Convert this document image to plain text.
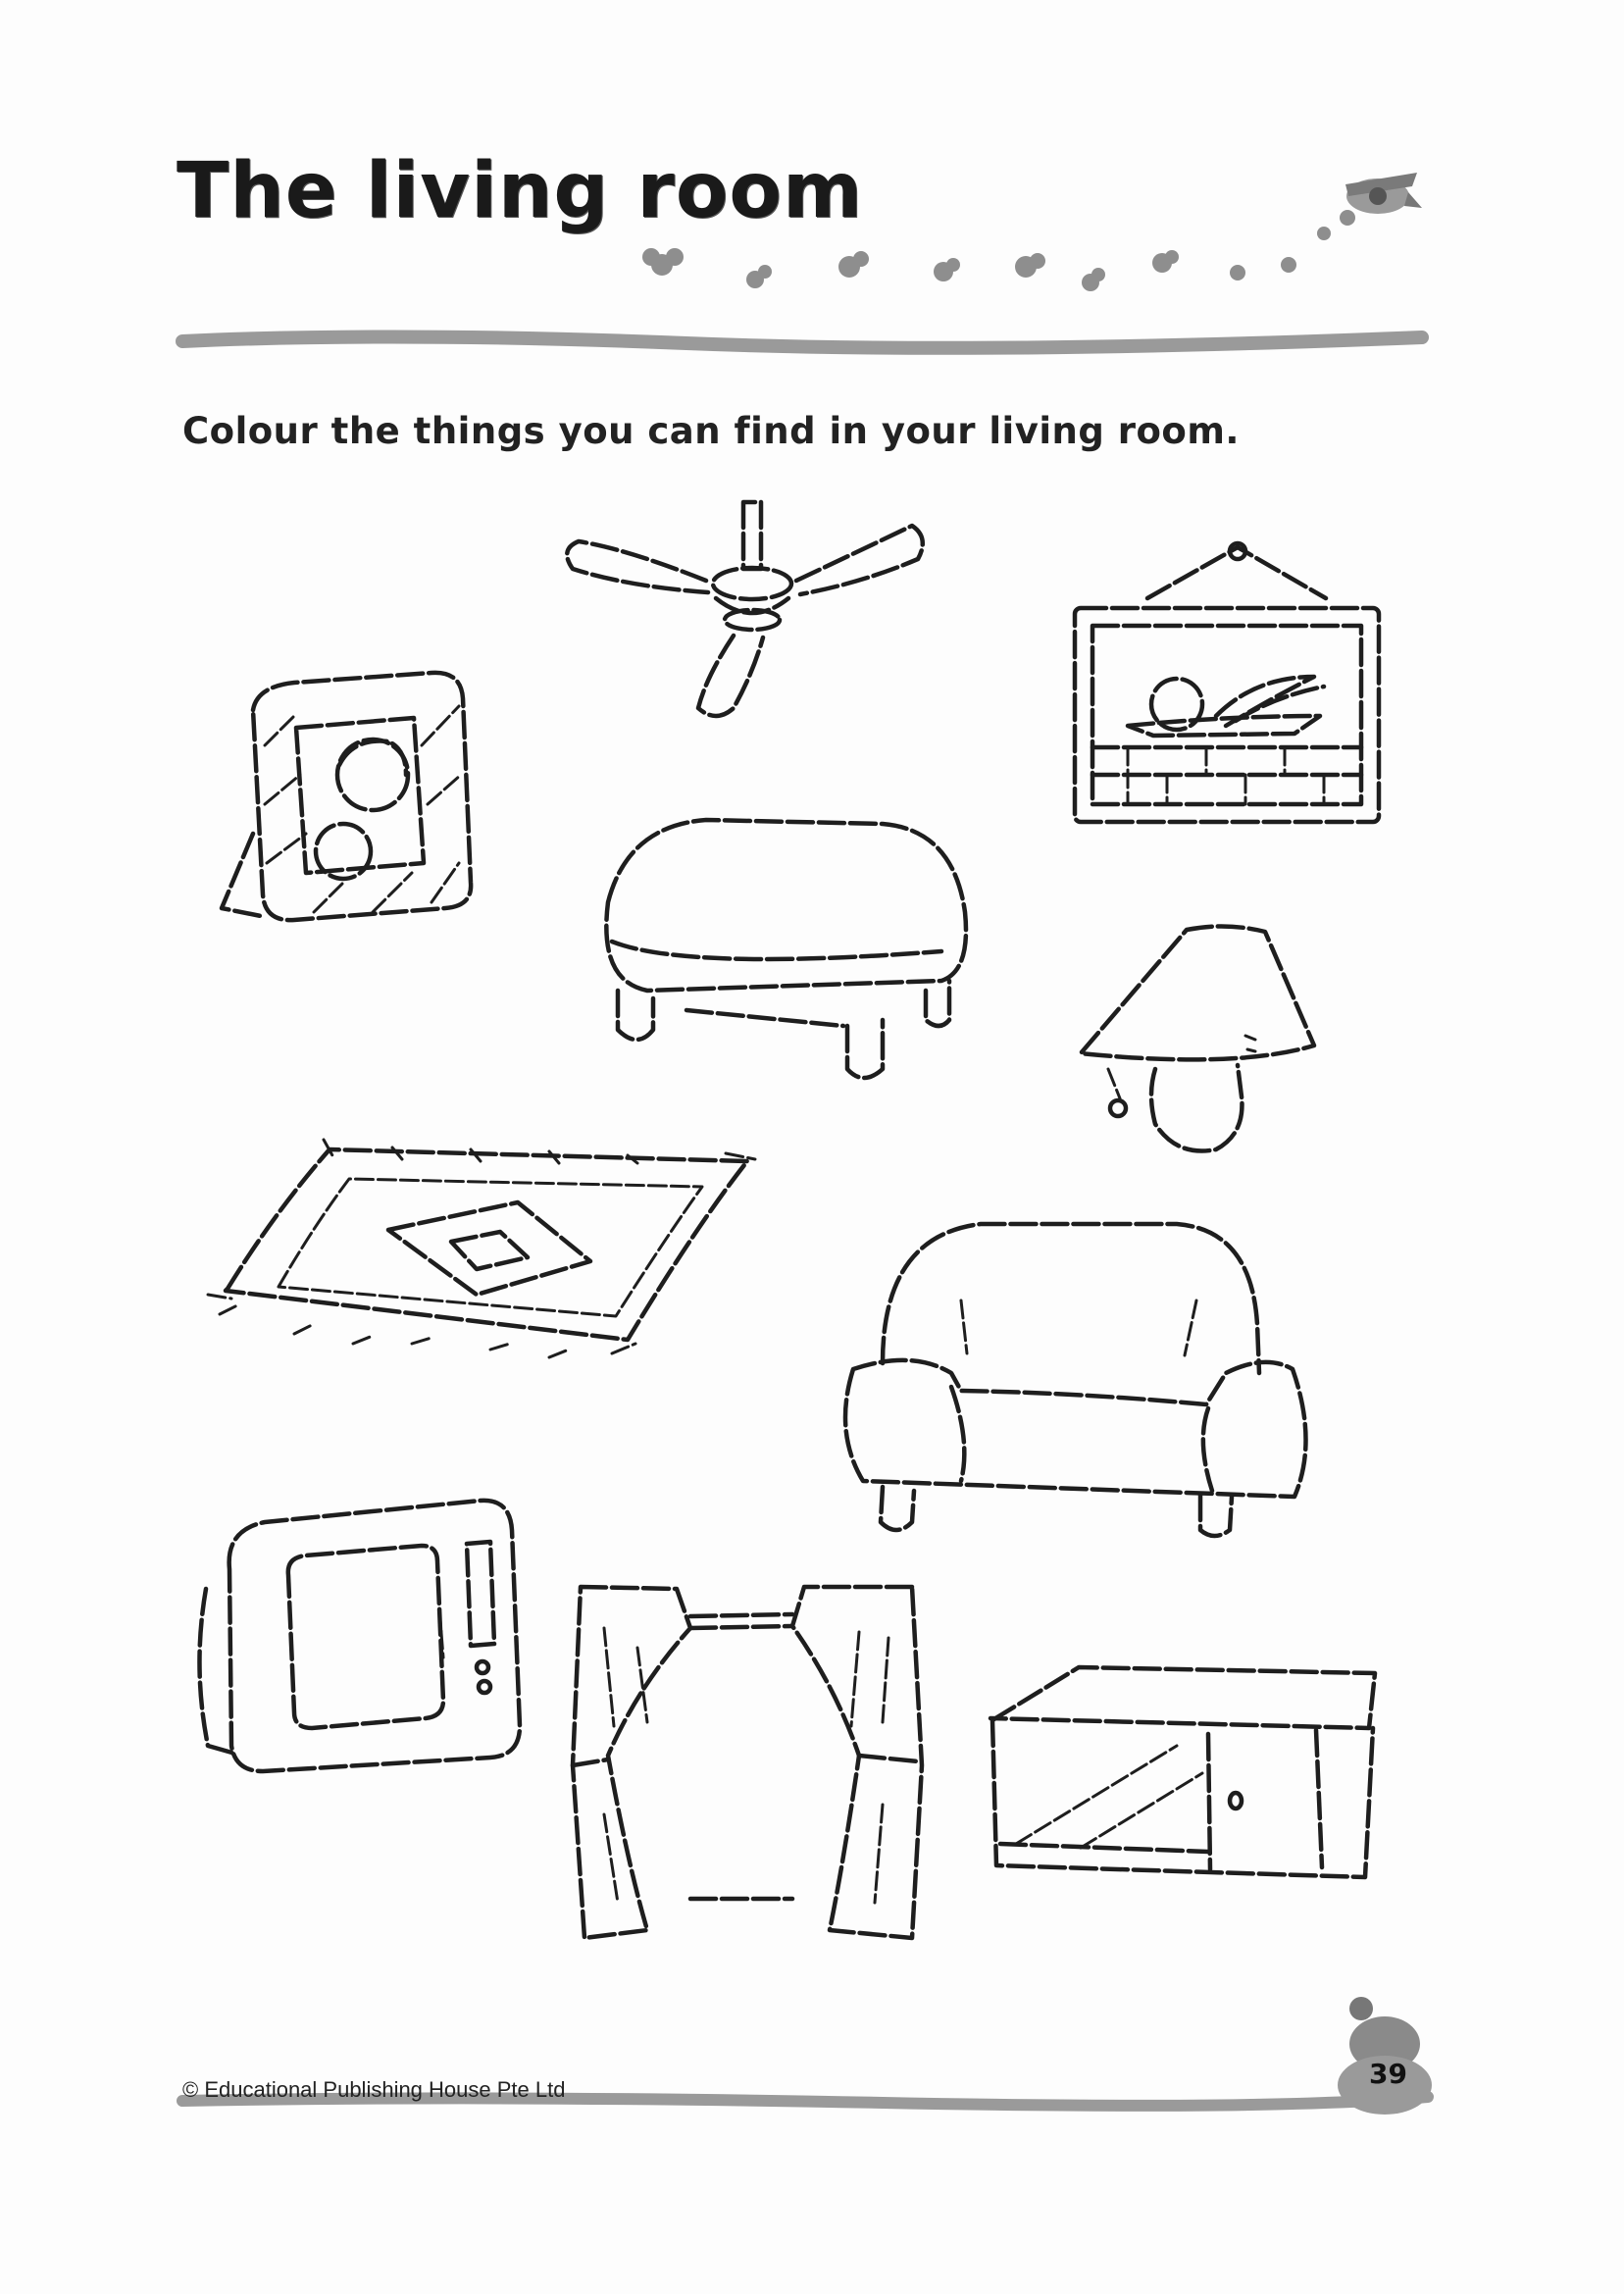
The living room
Colour the things you can find in your living room.
39
© Educational Publishing House Pte Ltd
